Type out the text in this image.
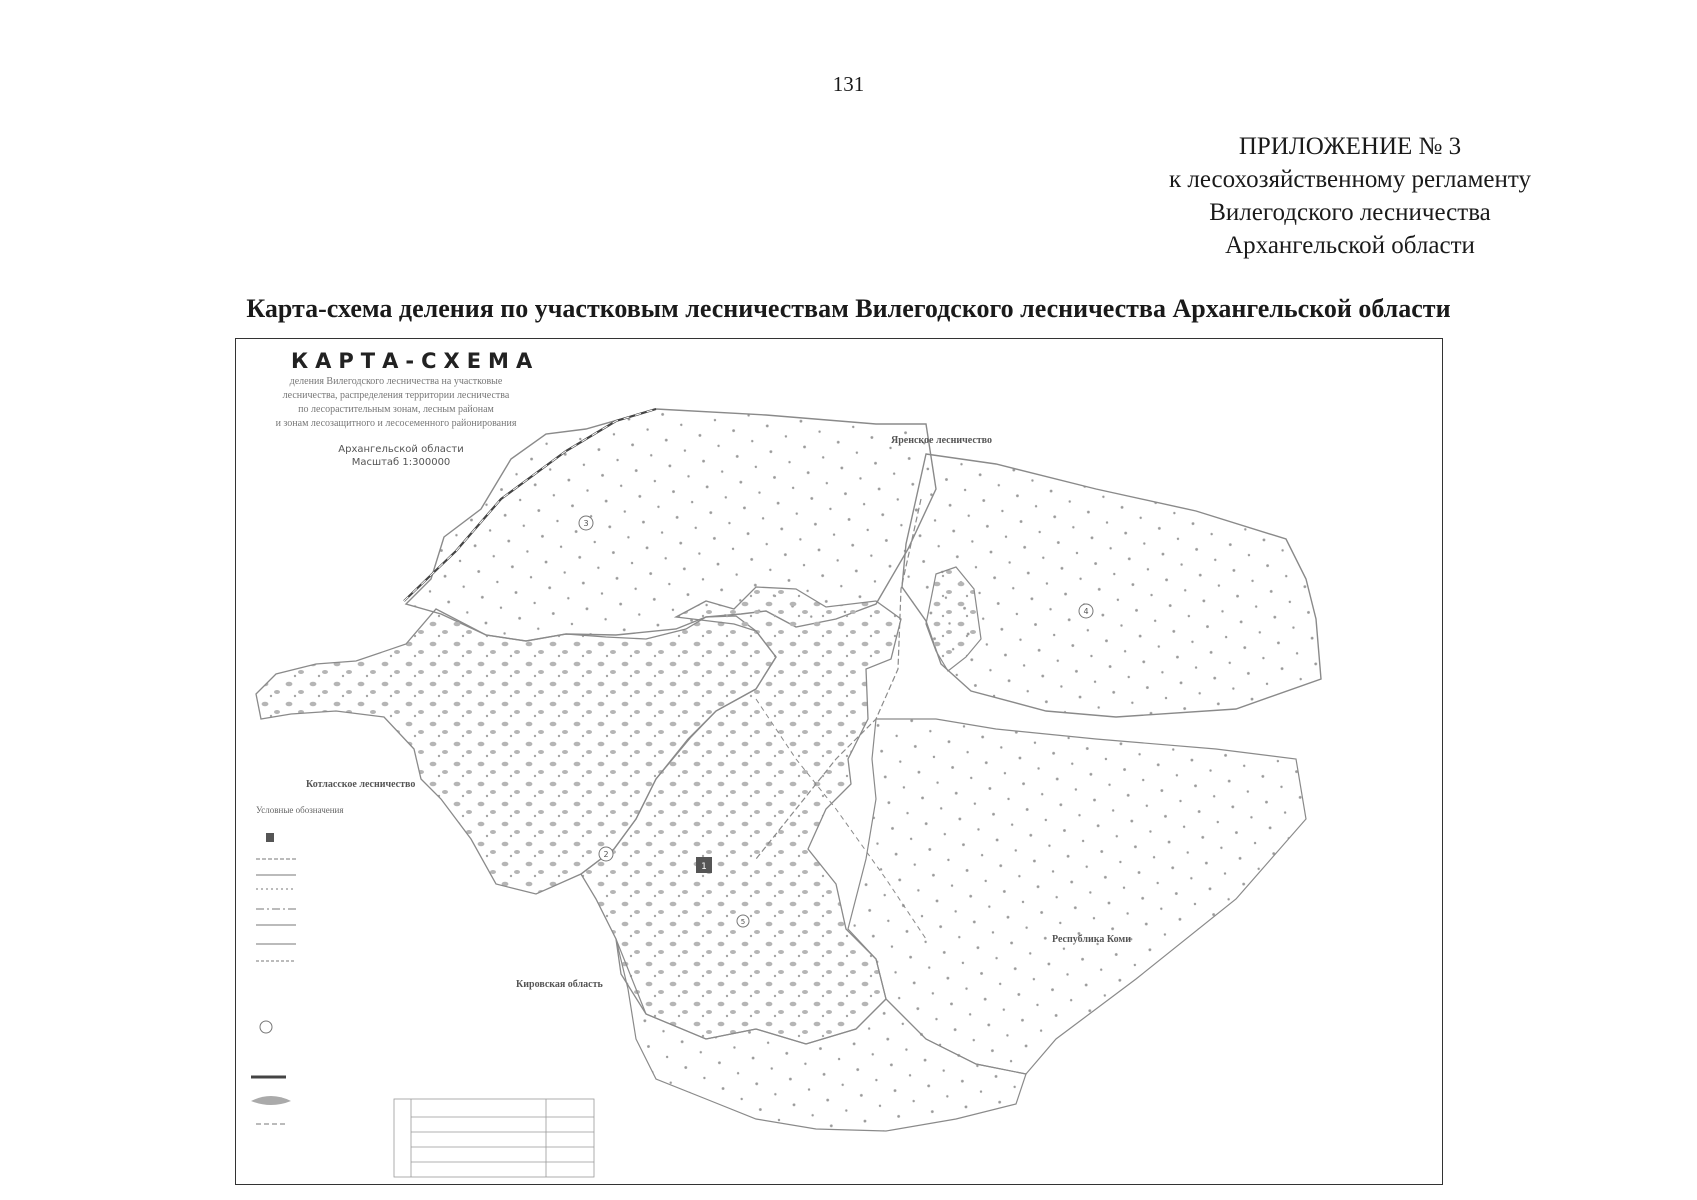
131
ПРИЛОЖЕНИЕ № 3
к лесохозяйственному регламенту
Вилегодского лесничества
Архангельской области
Карта-схема деления по участковым лесничествам Вилегодского лесничества Архангельской области
3
4
2
5
1
КАРТА-СХЕМА
деления Вилегодского лесничества на участковые
лесничества, распределения территории лесничества
по лесорастительным зонам, лесным районам
и зонам лесозащитного и лесосеменного районирования
Архангельской области
Масштаб 1:300000
Яренское лесничество
Котласское лесничество
Кировская область
Республика Коми
Условные обозначения
